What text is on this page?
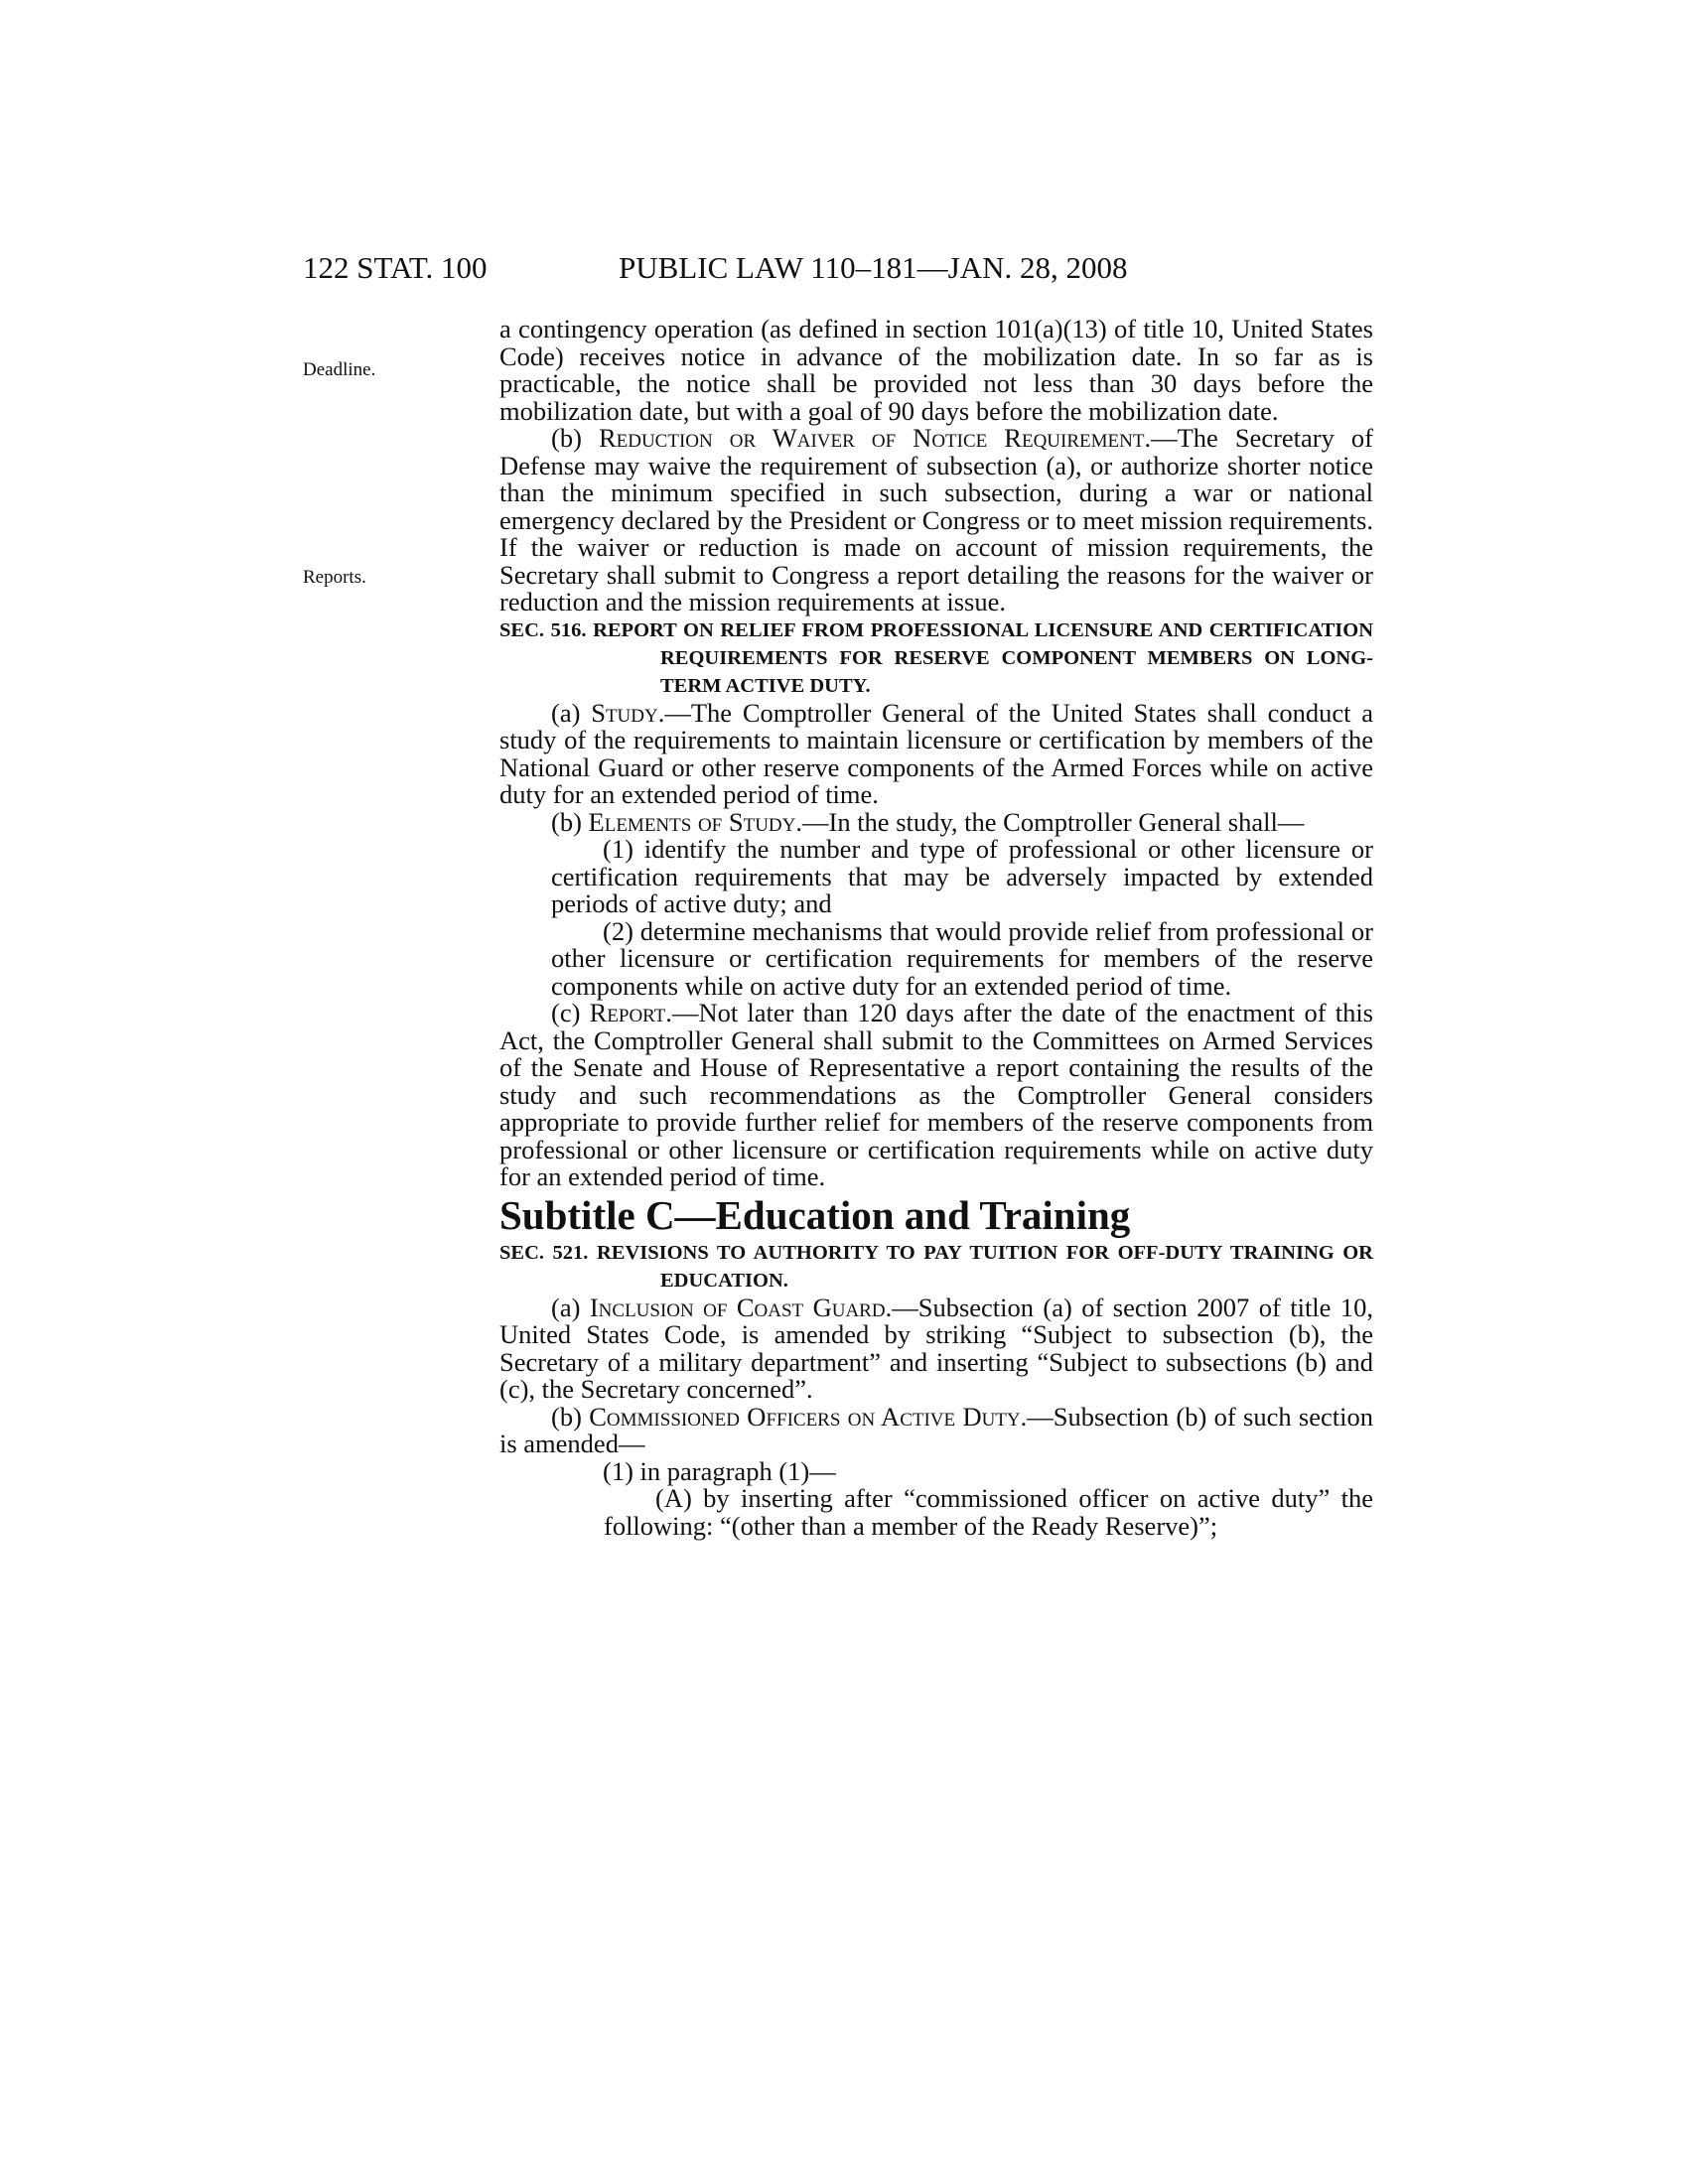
122 STAT. 100	PUBLIC LAW 110–181—JAN. 28, 2008
Deadline.
Reports.

a contingency operation (as defined in section 101(a)(13) of title 10, United States Code) receives notice in advance of the mobilization date. In so far as is practicable, the notice shall be provided not less than 30 days before the mobilization date, but with a goal of 90 days before the mobilization date.

(b) Reduction or Waiver of Notice Requirement.—The Secretary of Defense may waive the requirement of subsection (a), or authorize shorter notice than the minimum specified in such subsection, during a war or national emergency declared by the President or Congress or to meet mission requirements. If the waiver or reduction is made on account of mission requirements, the Secretary shall submit to Congress a report detailing the reasons for the waiver or reduction and the mission requirements at issue.

SEC. 516. REPORT ON RELIEF FROM PROFESSIONAL LICENSURE AND CERTIFICATION REQUIREMENTS FOR RESERVE COMPONENT MEMBERS ON LONG-TERM ACTIVE DUTY.

(a) Study.—The Comptroller General of the United States shall conduct a study of the requirements to maintain licensure or certification by members of the National Guard or other reserve components of the Armed Forces while on active duty for an extended period of time.

(b) Elements of Study.—In the study, the Comptroller General shall—

(1) identify the number and type of professional or other licensure or certification requirements that may be adversely impacted by extended periods of active duty; and

(2) determine mechanisms that would provide relief from professional or other licensure or certification requirements for members of the reserve components while on active duty for an extended period of time.

(c) Report.—Not later than 120 days after the date of the enactment of this Act, the Comptroller General shall submit to the Committees on Armed Services of the Senate and House of Representative a report containing the results of the study and such recommendations as the Comptroller General considers appropriate to provide further relief for members of the reserve components from professional or other licensure or certification requirements while on active duty for an extended period of time.

Subtitle C—Education and Training

SEC. 521. REVISIONS TO AUTHORITY TO PAY TUITION FOR OFF-DUTY TRAINING OR EDUCATION.

(a) Inclusion of Coast Guard.—Subsection (a) of section 2007 of title 10, United States Code, is amended by striking “Subject to subsection (b), the Secretary of a military department” and inserting “Subject to subsections (b) and (c), the Secretary concerned”.

(b) Commissioned Officers on Active Duty.—Subsection (b) of such section is amended—

(1) in paragraph (1)—

(A) by inserting after “commissioned officer on active duty” the following: “(other than a member of the Ready Reserve)”;
